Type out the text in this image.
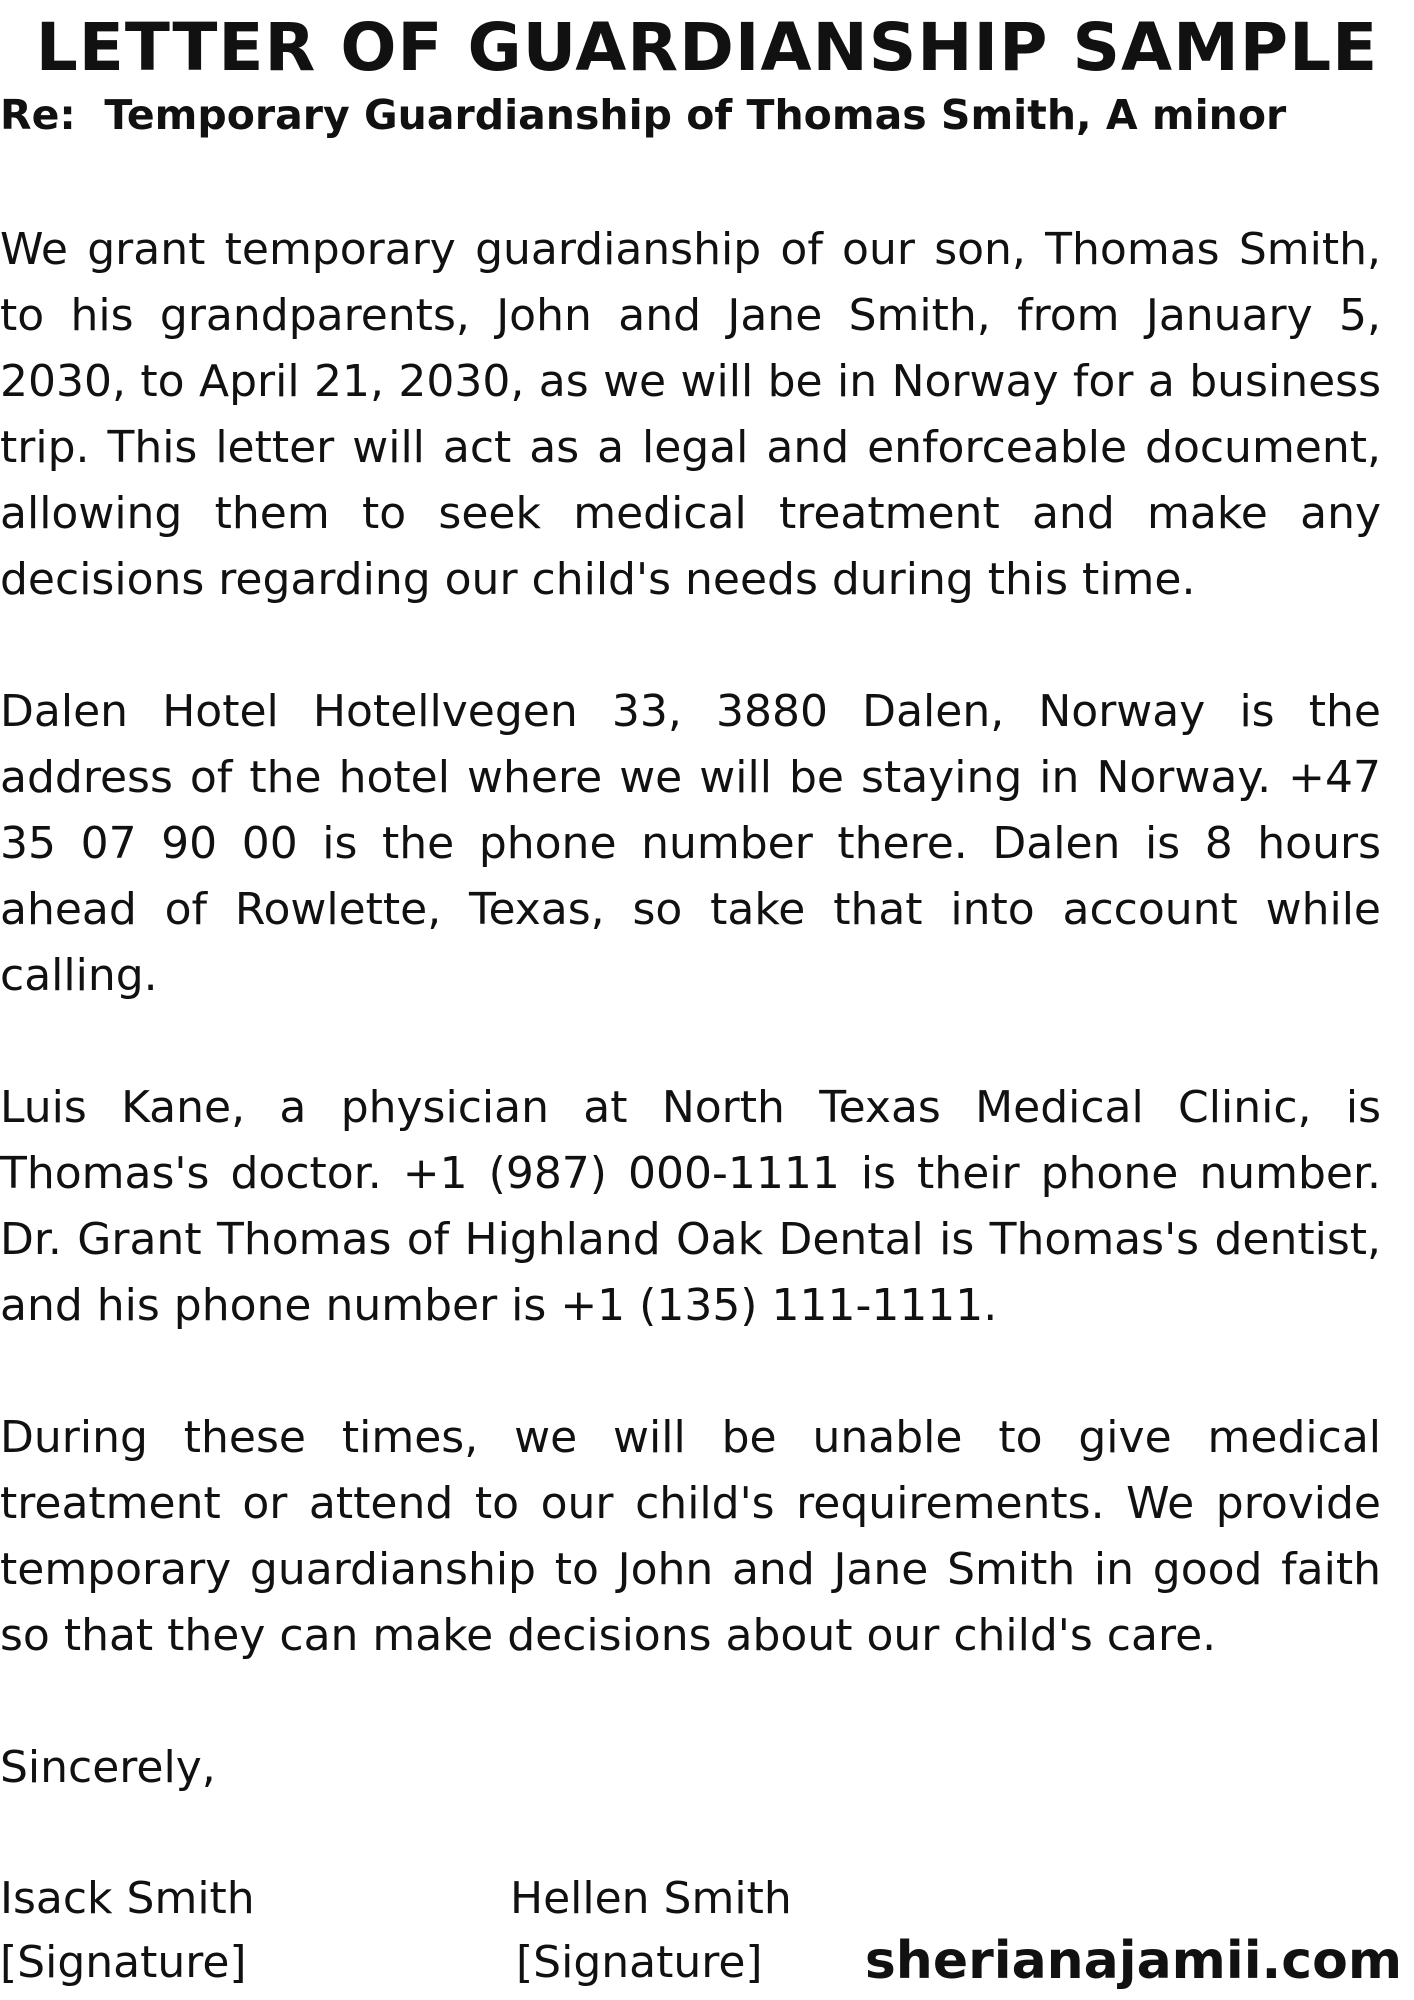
LETTER OF GUARDIANSHIP SAMPLE
Re:  Temporary Guardianship of Thomas Smith, A minor

We grant temporary guardianship of our son, Thomas Smith, to his grandparents, John and Jane Smith, from January 5, 2030, to April 21, 2030, as we will be in Norway for a business trip. This letter will act as a legal and enforceable document, allowing them to seek medical treatment and make any decisions regarding our child's needs during this time.

Dalen Hotel Hotellvegen 33, 3880 Dalen, Norway is the address of the hotel where we will be staying in Norway. +47 35 07 90 00 is the phone number there. Dalen is 8 hours ahead of Rowlette, Texas, so take that into account while calling.

Luis Kane, a physician at North Texas Medical Clinic, is Thomas's doctor. +1 (987) 000-1111 is their phone number. Dr. Grant Thomas of Highland Oak Dental is Thomas's dentist, and his phone number is +1 (135) 111-1111.

During these times, we will be unable to give medical treatment or attend to our child's requirements. We provide temporary guardianship to John and Jane Smith in good faith so that they can make decisions about our child's care.

Sincerely,
Isack Smith
[Signature]
Hellen Smith
[Signature] sherianajamii.com
